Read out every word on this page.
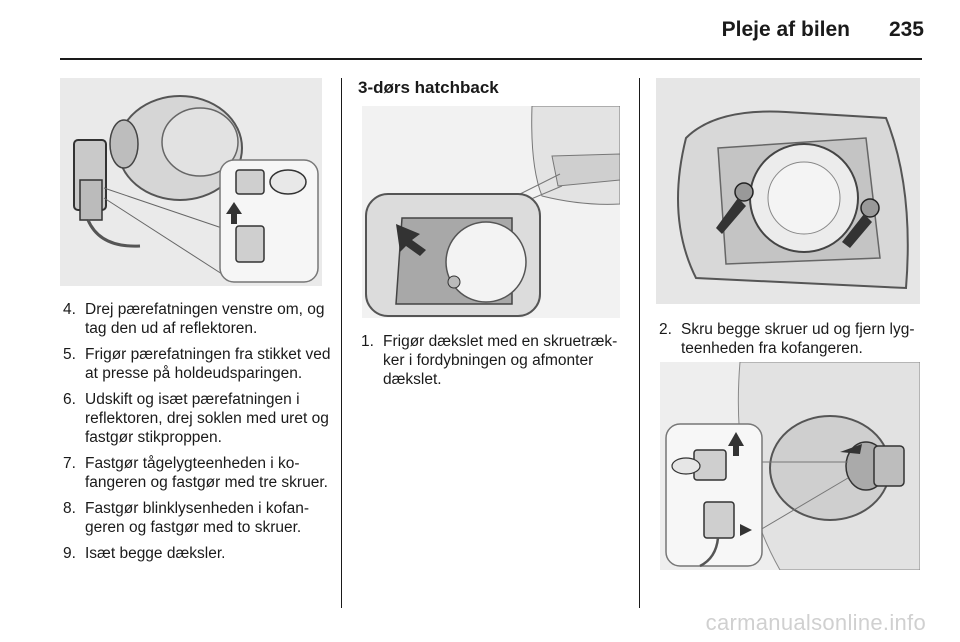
Pleje af bilen 235
4. Drej pærefatningen venstre om, og tag den ud af reflektoren.
5. Frigør pærefatningen fra stikket ved at presse på holdeudsparingen.
6. Udskift og isæt pærefatningen i reflektoren, drej soklen med uret og fastgør stikproppen.
7. Fastgør tågelygteenheden i kofangeren og fastgør med tre skruer.
8. Fastgør blinklysenheden i kofangeren og fastgør med to skruer.
9. Isæt begge dæksler.
3-dørs hatchback
1. Frigør dækslet med en skruetrækker i fordybningen og afmonter dækslet.
2. Skru begge skruer ud og fjern lygteenheden fra kofangeren.
carmanualsonline.info
